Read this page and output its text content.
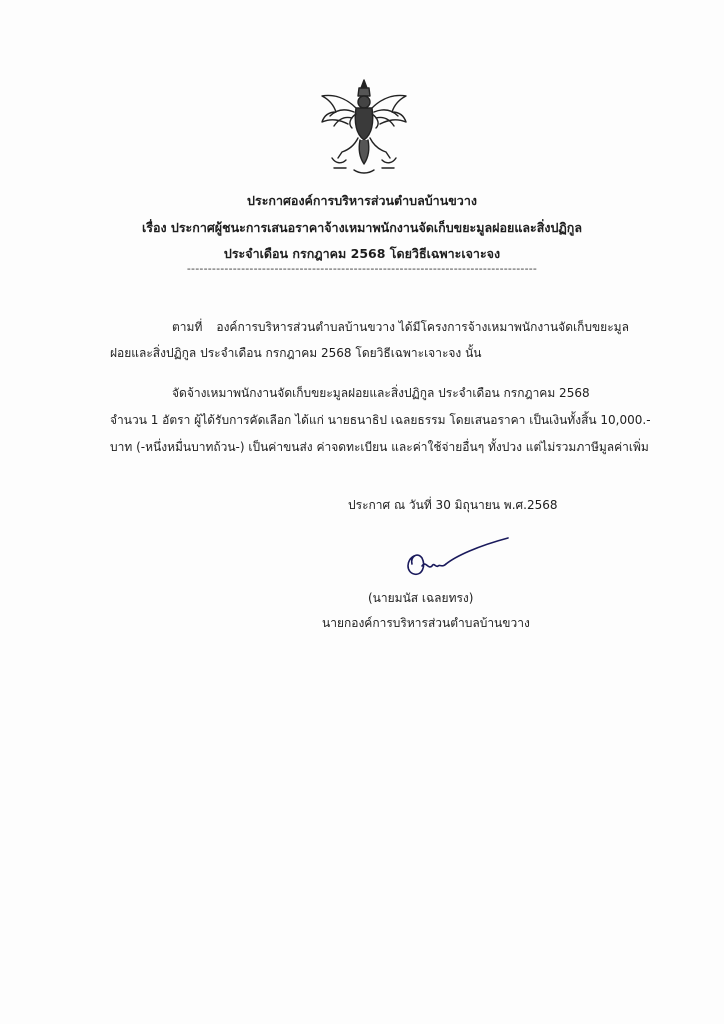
ประกาศองค์การบริหารส่วนตำบลบ้านขวาง
เรื่อง ประกาศผู้ชนะการเสนอราคาจ้างเหมาพนักงานจัดเก็บขยะมูลฝอยและสิ่งปฏิกูล
ประจำเดือน กรกฎาคม 2568 โดยวิธีเฉพาะเจาะจง
------------------------------------------------------------------------------------
ตามที่ องค์การบริหารส่วนตำบลบ้านขวาง ได้มีโครงการจ้างเหมาพนักงานจัดเก็บขยะมูล
ฝอยและสิ่งปฏิกูล ประจำเดือน กรกฎาคม 2568 โดยวิธีเฉพาะเจาะจง นั้น
จัดจ้างเหมาพนักงานจัดเก็บขยะมูลฝอยและสิ่งปฏิกูล ประจำเดือน กรกฎาคม 2568
จำนวน 1 อัตรา ผู้ได้รับการคัดเลือก ได้แก่ นายธนาธิป เฉลยธรรม โดยเสนอราคา เป็นเงินทั้งสิ้น 10,000.-
บาท (-หนึ่งหมื่นบาทถ้วน-) เป็นค่าขนส่ง ค่าจดทะเบียน และค่าใช้จ่ายอื่นๆ ทั้งปวง แต่ไม่รวมภาษีมูลค่าเพิ่ม
ประกาศ ณ วันที่ 30 มิถุนายน พ.ศ.2568
(นายมนัส เฉลยทรง)
นายกองค์การบริหารส่วนตำบลบ้านขวาง
